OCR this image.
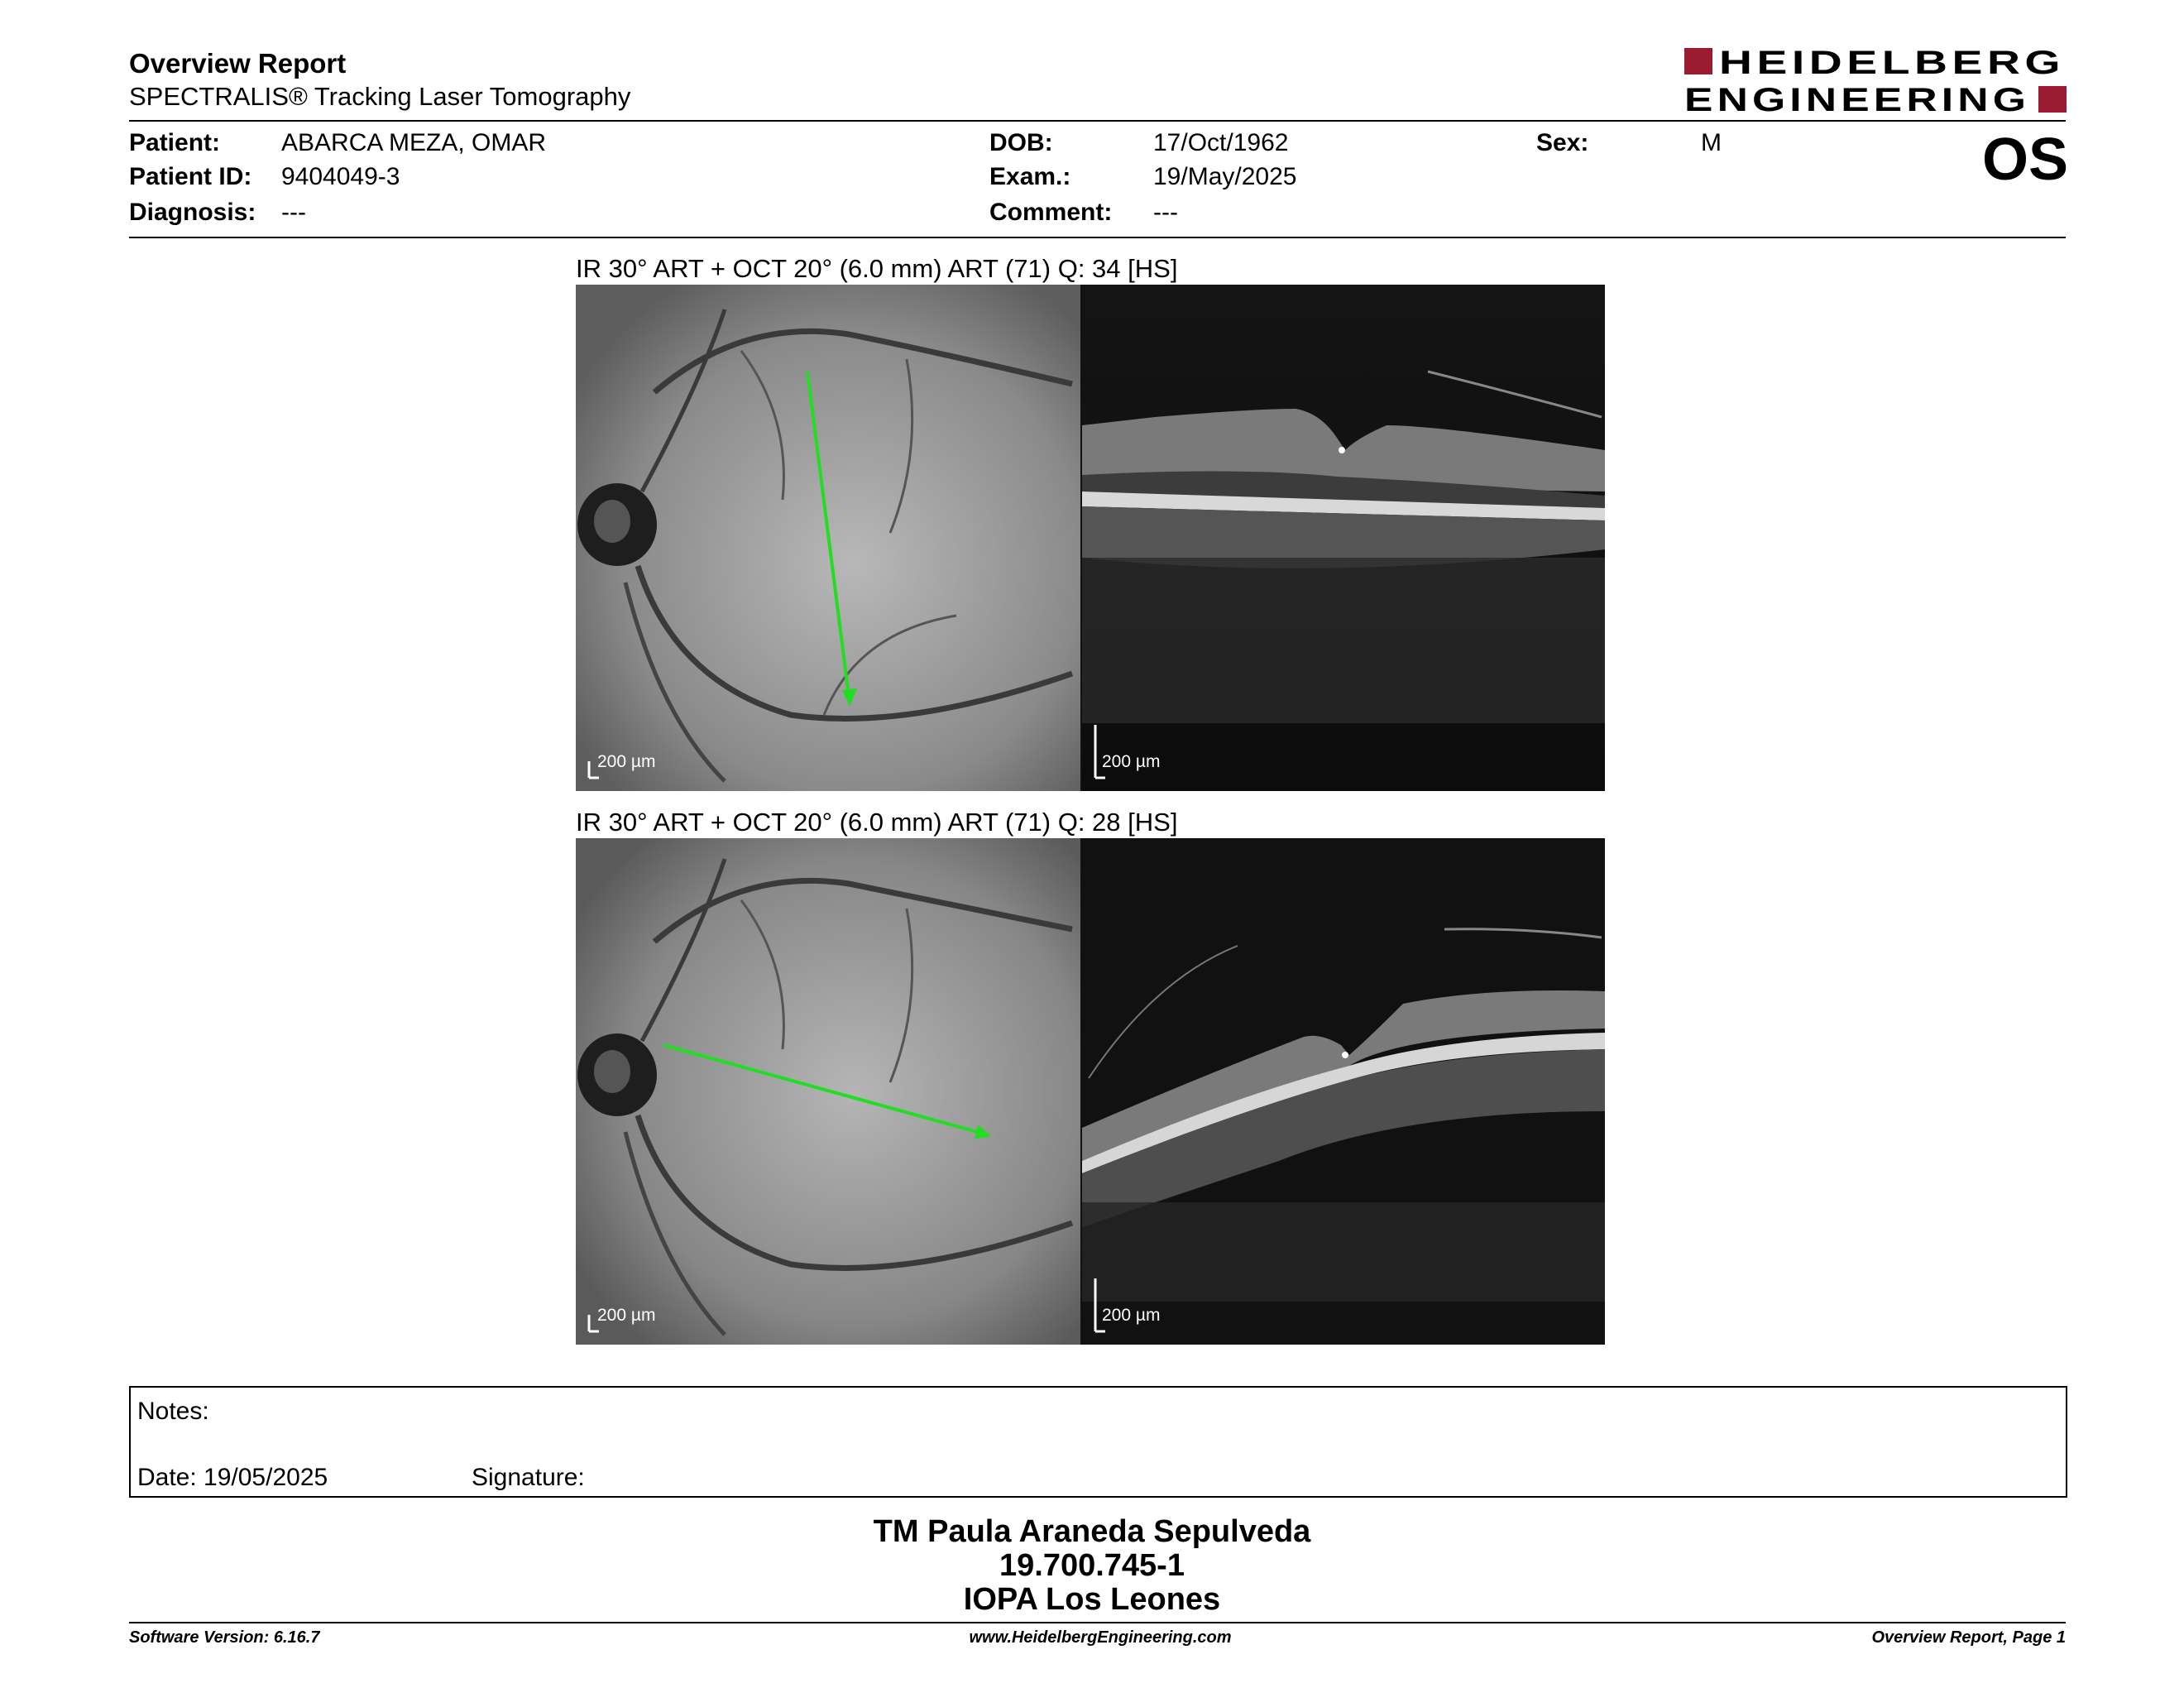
Overview Report
SPECTRALIS® Tracking Laser Tomography
HEIDELBERG
ENGINEERING
Patient: ABARCA MEZA, OMAR
Patient ID: 9404049-3
Diagnosis: ---
DOB:	17/Oct/1962
Exam.:	19/May/2025
Comment: ---
Sex:	M	OS
IR 30° ART + OCT 20° (6.0 mm) ART (71) Q: 34 [HS]
200 µm	200 µm
IR 30° ART + OCT 20° (6.0 mm) ART (71) Q: 28 [HS]
200 µm	200 µm
Notes:
Date: 19/05/2025	Signature:
TM Paula Araneda Sepulveda
19.700.745-1
IOPA Los Leones
Software Version: 6.16.7	www.HeidelbergEngineering.com	Overview Report, Page 1
